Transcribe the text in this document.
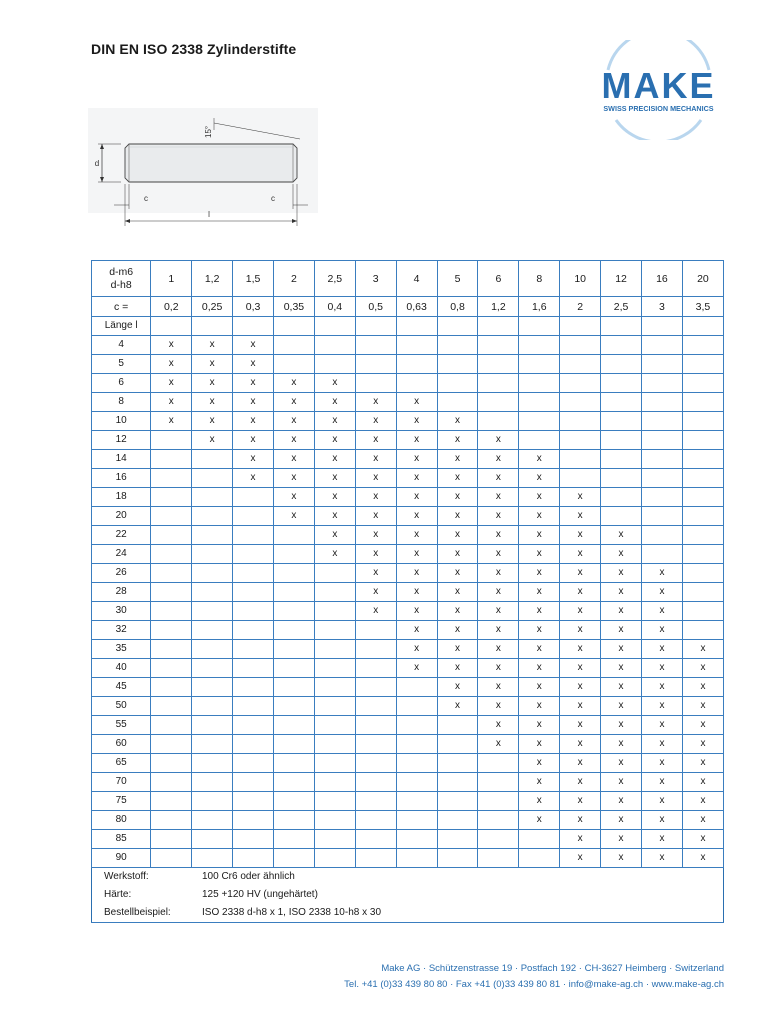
DIN EN ISO 2338 Zylinderstifte
MAKE
SWISS PRECISION MECHANICS
d
15°
c	c
l
d-m6
d-h8	1	1,2	1,5	2	2,5	3	4	5	6	8	10	12	16	20
c =	0,2	0,25	0,3	0,35	0,4	0,5	0,63	0,8	1,2	1,6	2	2,5	3	3,5
Länge l														
4	x	x	x											
5	x	x	x											
6	x	x	x	x	x									
8	x	x	x	x	x	x	x							
10	x	x	x	x	x	x	x	x						
12		x	x	x	x	x	x	x	x					
14			x	x	x	x	x	x	x	x				
16			x	x	x	x	x	x	x	x				
18				x	x	x	x	x	x	x	x			
20				x	x	x	x	x	x	x	x			
22					x	x	x	x	x	x	x	x		
24					x	x	x	x	x	x	x	x		
26						x	x	x	x	x	x	x	x	
28						x	x	x	x	x	x	x	x	
30						x	x	x	x	x	x	x	x	
32							x	x	x	x	x	x	x	
35							x	x	x	x	x	x	x	x
40							x	x	x	x	x	x	x	x
45								x	x	x	x	x	x	x
50								x	x	x	x	x	x	x
55									x	x	x	x	x	x
60									x	x	x	x	x	x
65										x	x	x	x	x
70										x	x	x	x	x
75										x	x	x	x	x
80										x	x	x	x	x
85											x	x	x	x
90											x	x	x	x
Werkstoff: 100 Cr6 oder ähnlich														
Härte: 125 +120 HV (ungehärtet)														
Bestellbeispiel: ISO 2338 d-h8 x 1, ISO 2338 10-h8 x 30														
Make AG · Schützenstrasse 19 · Postfach 192 · CH-3627 Heimberg · Switzerland
Tel. +41 (0)33 439 80 80 · Fax +41 (0)33 439 80 81 · info@make-ag.ch · www.make-ag.ch
